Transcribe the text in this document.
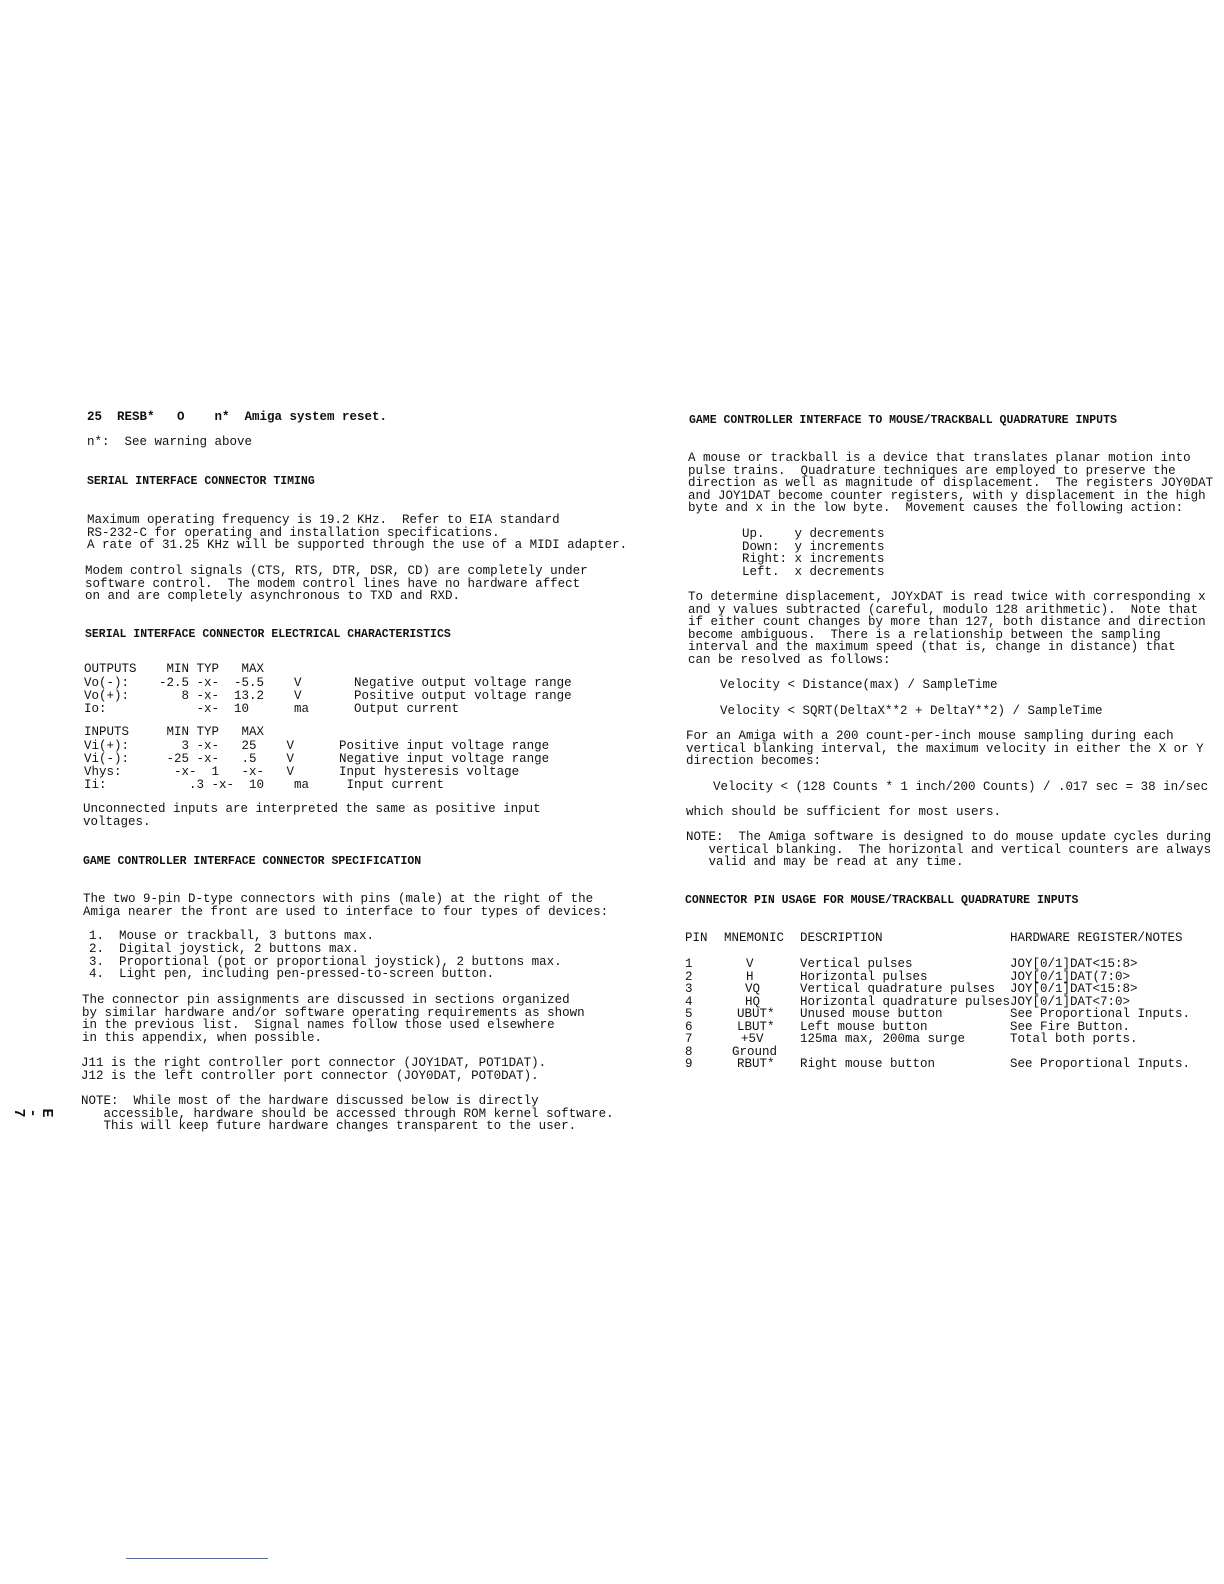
25  RESB*   O    n*  Amiga system reset.
n*:  See warning above
SERIAL INTERFACE CONNECTOR TIMING
Maximum operating frequency is 19.2 KHz.  Refer to EIA standard
RS-232-C for operating and installation specifications.
A rate of 31.25 KHz will be supported through the use of a MIDI adapter.
Modem control signals (CTS, RTS, DTR, DSR, CD) are completely under
software control.  The modem control lines have no hardware affect
on and are completely asynchronous to TXD and RXD.
SERIAL INTERFACE CONNECTOR ELECTRICAL CHARACTERISTICS
OUTPUTS    MIN TYP   MAX
Vo(-):    -2.5 -x-  -5.5    V       Negative output voltage range
Vo(+):       8 -x-  13.2    V       Positive output voltage range
Io:            -x-  10      ma      Output current
INPUTS     MIN TYP   MAX
Vi(+):       3 -x-   25    V      Positive input voltage range
Vi(-):     -25 -x-   .5    V      Negative input voltage range
Vhys:       -x-  1   -x-   V      Input hysteresis voltage
Ii:           .3 -x-  10    ma     Input current
Unconnected inputs are interpreted the same as positive input
voltages.
GAME CONTROLLER INTERFACE CONNECTOR SPECIFICATION
The two 9-pin D-type connectors with pins (male) at the right of the
Amiga nearer the front are used to interface to four types of devices:
1.  Mouse or trackball, 3 buttons max.
2.  Digital joystick, 2 buttons max.
3.  Proportional (pot or proportional joystick), 2 buttons max.
4.  Light pen, including pen-pressed-to-screen button.
The connector pin assignments are discussed in sections organized
by similar hardware and/or software operating requirements as shown
in the previous list.  Signal names follow those used elsewhere
in this appendix, when possible.
J11 is the right controller port connector (JOY1DAT, POT1DAT).
J12 is the left controller port connector (JOY0DAT, POT0DAT).
NOTE:  While most of the hardware discussed below is directly
accessible, hardware should be accessed through ROM kernel software.
This will keep future hardware changes transparent to the user.
E - 7
GAME CONTROLLER INTERFACE TO MOUSE/TRACKBALL QUADRATURE INPUTS
A mouse or trackball is a device that translates planar motion into
pulse trains.  Quadrature techniques are employed to preserve the
direction as well as magnitude of displacement.  The registers JOY0DAT
and JOY1DAT become counter registers, with y displacement in the high
byte and x in the low byte.  Movement causes the following action:
Up.    y decrements
Down:  y increments
Right: x increments
Left.  x decrements
To determine displacement, JOYxDAT is read twice with corresponding x
and y values subtracted (careful, modulo 128 arithmetic).  Note that
if either count changes by more than 127, both distance and direction
become ambiguous.  There is a relationship between the sampling
interval and the maximum speed (that is, change in distance) that
can be resolved as follows:
Velocity < Distance(max) / SampleTime
Velocity < SQRT(DeltaX**2 + DeltaY**2) / SampleTime
For an Amiga with a 200 count-per-inch mouse sampling during each
vertical blanking interval, the maximum velocity in either the X or Y
direction becomes:
Velocity < (128 Counts * 1 inch/200 Counts) / .017 sec = 38 in/sec
which should be sufficient for most users.
NOTE:  The Amiga software is designed to do mouse update cycles during
vertical blanking.  The horizontal and vertical counters are always
valid and may be read at any time.
CONNECTOR PIN USAGE FOR MOUSE/TRACKBALL QUADRATURE INPUTS
PIN MNEMONIC DESCRIPTION	HARDWARE REGISTER/NOTES
1	V	Vertical pulses	JOY[0/1]DAT<15:8>
2	H	Horizontal pulses	JOY[0/1]DAT(7:0>
3	VQ	Vertical quadrature pulses JOY[0/1]DAT<15:8>
4	HQ	Horizontal quadrature pulses JOY[0/1]DAT<7:0>
5	UBUT* Unused mouse button	See Proportional Inputs.
6	LBUT* Left mouse button	See Fire Button.
7	+5V	125ma max, 200ma surge	Total both ports.
8	Ground
9	RBUT* Right mouse button	See Proportional Inputs.
